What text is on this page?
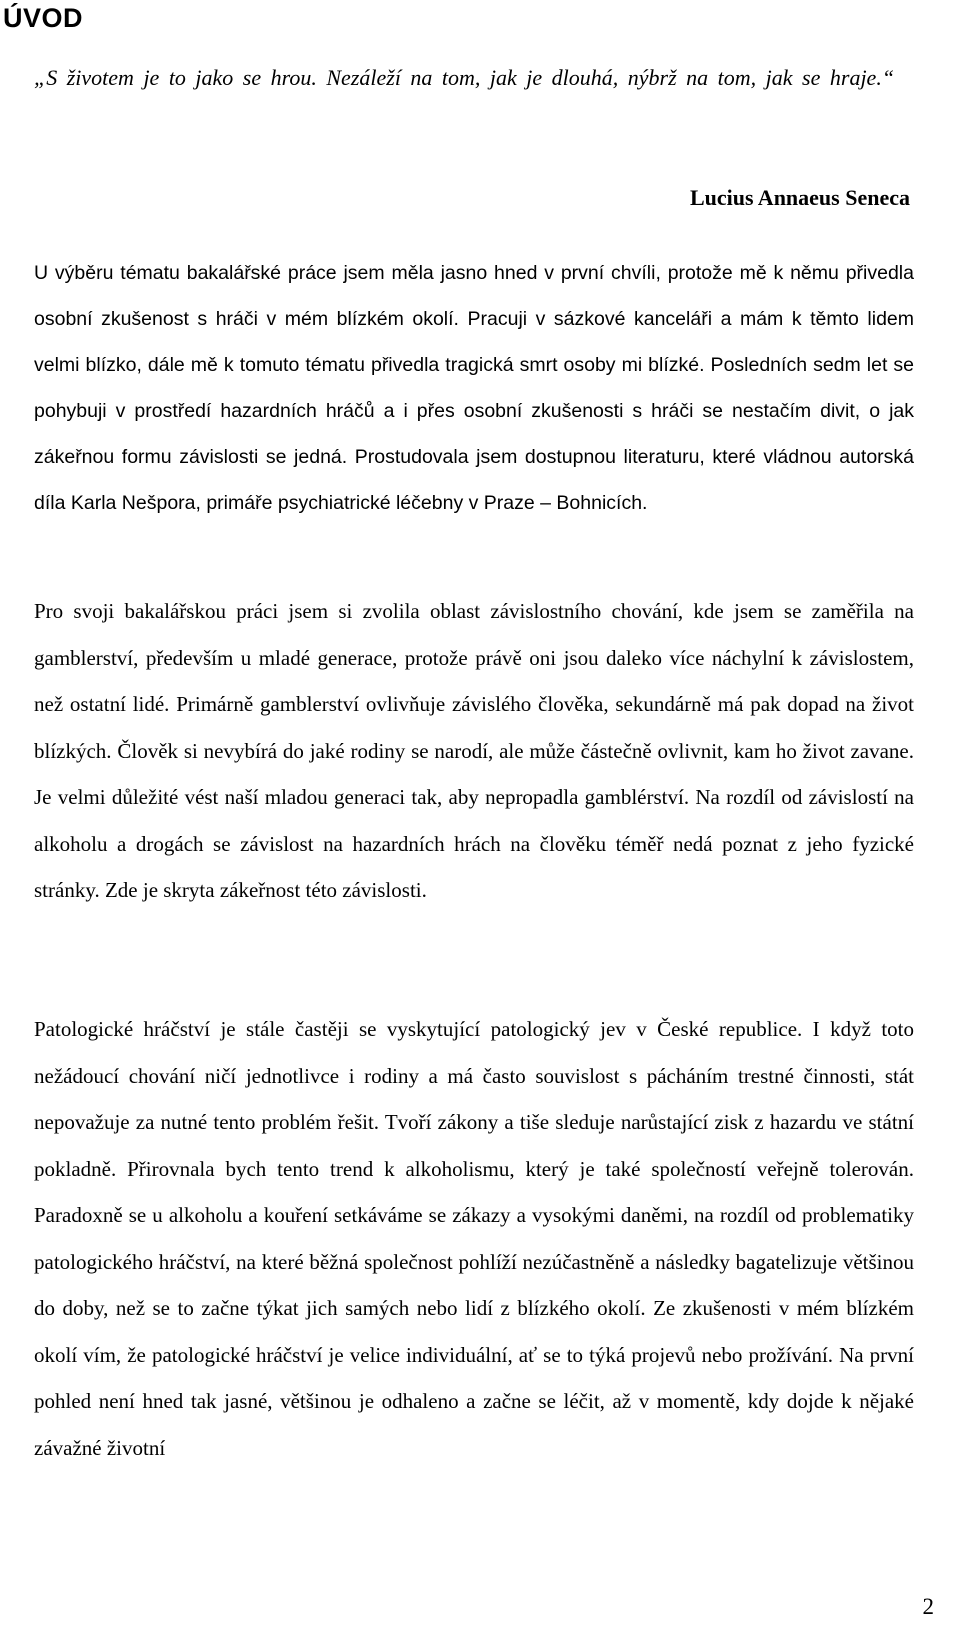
ÚVOD

„S životem je to jako se hrou. Nezáleží na tom, jak je dlouhá, nýbrž na tom, jak se hraje.“

Lucius Annaeus Seneca

U výběru tématu bakalářské práce jsem měla jasno hned v první chvíli, protože mě k němu přivedla osobní zkušenost s hráči v mém blízkém okolí. Pracuji v sázkové kanceláři a mám k těmto lidem velmi blízko, dále mě k tomuto tématu přivedla tragická smrt osoby mi blízké. Posledních sedm let se pohybuji v prostředí hazardních hráčů a i přes osobní zkušenosti s hráči se nestačím divit, o jak zákeřnou formu závislosti se jedná. Prostudovala jsem dostupnou literaturu, které vládnou autorská díla Karla Nešpora, primáře psychiatrické léčebny v Praze – Bohnicích.

Pro svoji bakalářskou práci jsem si zvolila oblast závislostního chování, kde jsem se zaměřila na gamblerství, především u mladé generace, protože právě oni jsou daleko více náchylní k závislostem, než ostatní lidé. Primárně gamblerství ovlivňuje závislého člověka, sekundárně má pak dopad na život blízkých. Člověk si nevybírá do jaké rodiny se narodí, ale může částečně ovlivnit, kam ho život zavane. Je velmi důležité vést naší mladou generaci tak, aby nepropadla gamblérství. Na rozdíl od závislostí na alkoholu a drogách se závislost na hazardních hrách na člověku téměř nedá poznat z jeho fyzické stránky. Zde je skryta zákeřnost této závislosti.

Patologické hráčství je stále častěji se vyskytující patologický jev v České republice. I když toto nežádoucí chování ničí jednotlivce i rodiny a má často souvislost s pácháním trestné činnosti, stát nepovažuje za nutné tento problém řešit. Tvoří zákony a tiše sleduje narůstající zisk z hazardu ve státní pokladně. Přirovnala bych tento trend k alkoholismu, který je také společností veřejně tolerován. Paradoxně se u alkoholu a kouření setkáváme se zákazy a vysokými daněmi, na rozdíl od problematiky patologického hráčství, na které běžná společnost pohlíží nezúčastněně a následky bagatelizuje většinou do doby, než se to začne týkat jich samých nebo lidí z blízkého okolí. Ze zkušenosti v mém blízkém okolí vím, že patologické hráčství je velice individuální, ať se to týká projevů nebo prožívání. Na první pohled není hned tak jasné, většinou je odhaleno a začne se léčit, až v momentě, kdy dojde k nějaké závažné životní

2
